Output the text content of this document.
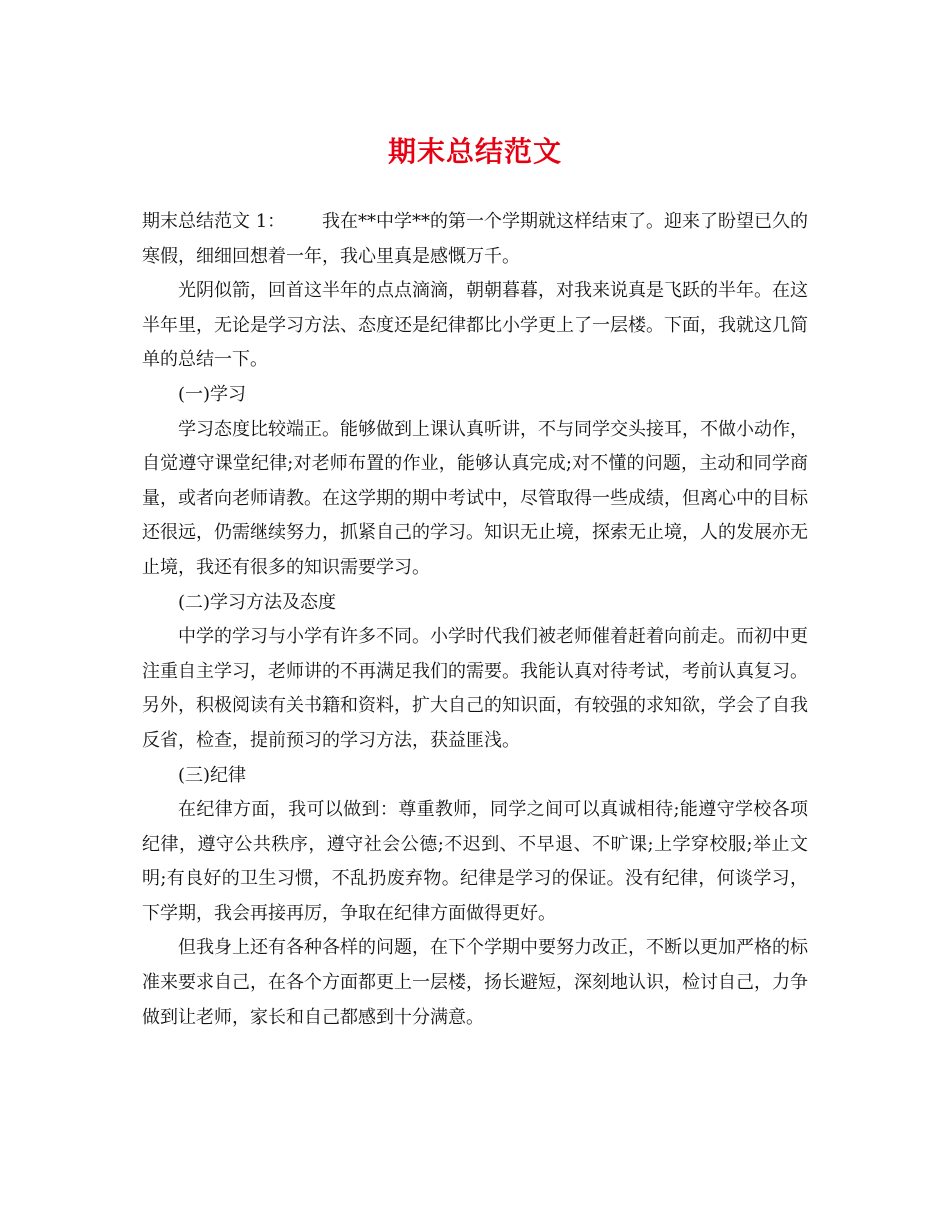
期末总结范文

期末总结范文 1： 我在**中学**的第一个学期就这样结束了。迎来了盼望已久的寒假，细细回想着一年，我心里真是感慨万千。

光阴似箭，回首这半年的点点滴滴，朝朝暮暮，对我来说真是飞跃的半年。在这半年里，无论是学习方法、态度还是纪律都比小学更上了一层楼。下面，我就这几简单的总结一下。

(一)学习

学习态度比较端正。能够做到上课认真听讲，不与同学交头接耳，不做小动作，自觉遵守课堂纪律;对老师布置的作业，能够认真完成;对不懂的问题，主动和同学商量，或者向老师请教。在这学期的期中考试中，尽管取得一些成绩，但离心中的目标还很远，仍需继续努力，抓紧自己的学习。知识无止境，探索无止境，人的发展亦无止境，我还有很多的知识需要学习。

(二)学习方法及态度

中学的学习与小学有许多不同。小学时代我们被老师催着赶着向前走。而初中更注重自主学习，老师讲的不再满足我们的需要。我能认真对待考试，考前认真复习。另外，积极阅读有关书籍和资料，扩大自己的知识面，有较强的求知欲，学会了自我反省，检查，提前预习的学习方法，获益匪浅。

(三)纪律

在纪律方面，我可以做到：尊重教师，同学之间可以真诚相待;能遵守学校各项纪律，遵守公共秩序，遵守社会公德;不迟到、不早退、不旷课;上学穿校服;举止文明;有良好的卫生习惯，不乱扔废弃物。纪律是学习的保证。没有纪律，何谈学习，下学期，我会再接再厉，争取在纪律方面做得更好。

但我身上还有各种各样的问题，在下个学期中要努力改正，不断以更加严格的标准来要求自己，在各个方面都更上一层楼，扬长避短，深刻地认识，检讨自己，力争做到让老师，家长和自己都感到十分满意。
